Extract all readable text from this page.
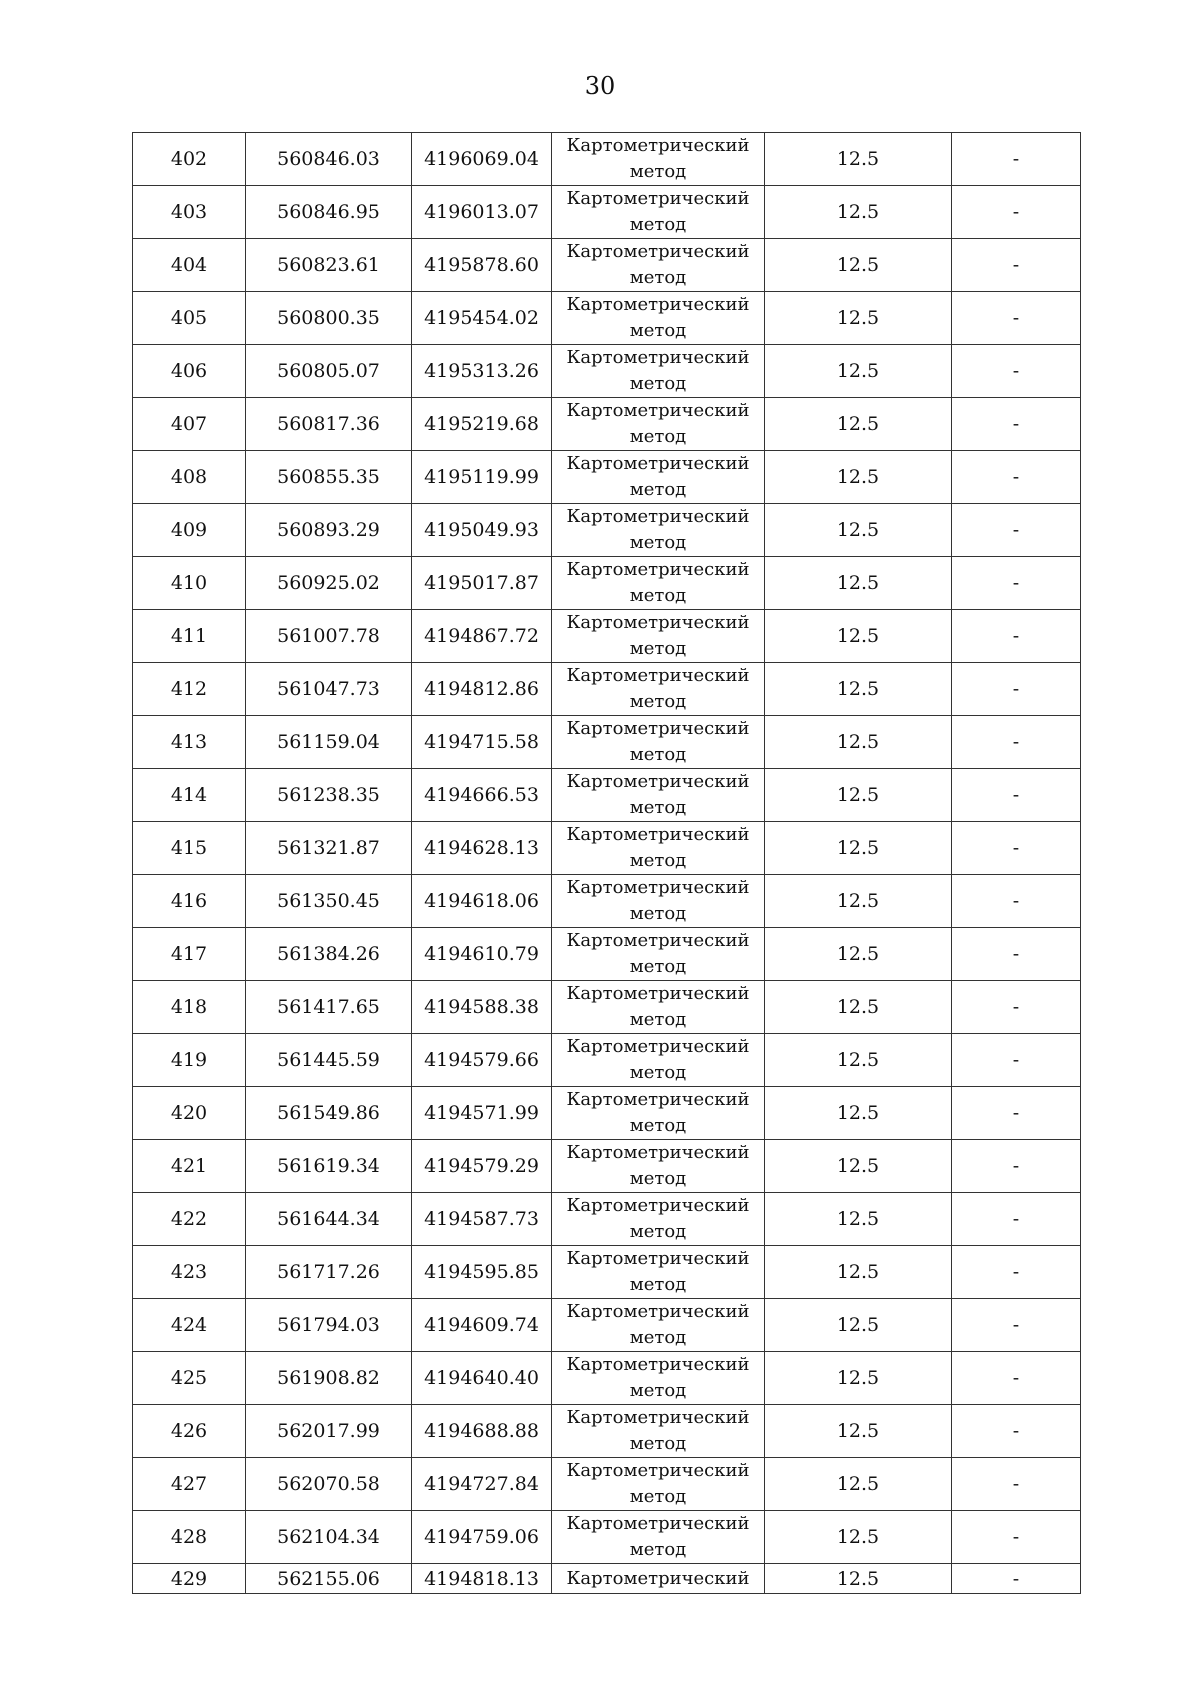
30
402	560846.03	4196069.04	Картометрический метод	12.5	-
403	560846.95	4196013.07	Картометрический метод	12.5	-
404	560823.61	4195878.60	Картометрический метод	12.5	-
405	560800.35	4195454.02	Картометрический метод	12.5	-
406	560805.07	4195313.26	Картометрический метод	12.5	-
407	560817.36	4195219.68	Картометрический метод	12.5	-
408	560855.35	4195119.99	Картометрический метод	12.5	-
409	560893.29	4195049.93	Картометрический метод	12.5	-
410	560925.02	4195017.87	Картометрический метод	12.5	-
411	561007.78	4194867.72	Картометрический метод	12.5	-
412	561047.73	4194812.86	Картометрический метод	12.5	-
413	561159.04	4194715.58	Картометрический метод	12.5	-
414	561238.35	4194666.53	Картометрический метод	12.5	-
415	561321.87	4194628.13	Картометрический метод	12.5	-
416	561350.45	4194618.06	Картометрический метод	12.5	-
417	561384.26	4194610.79	Картометрический метод	12.5	-
418	561417.65	4194588.38	Картометрический метод	12.5	-
419	561445.59	4194579.66	Картометрический метод	12.5	-
420	561549.86	4194571.99	Картометрический метод	12.5	-
421	561619.34	4194579.29	Картометрический метод	12.5	-
422	561644.34	4194587.73	Картометрический метод	12.5	-
423	561717.26	4194595.85	Картометрический метод	12.5	-
424	561794.03	4194609.74	Картометрический метод	12.5	-
425	561908.82	4194640.40	Картометрический метод	12.5	-
426	562017.99	4194688.88	Картометрический метод	12.5	-
427	562070.58	4194727.84	Картометрический метод	12.5	-
428	562104.34	4194759.06	Картометрический метод	12.5	-
429	562155.06	4194818.13	Картометрический	12.5	-
